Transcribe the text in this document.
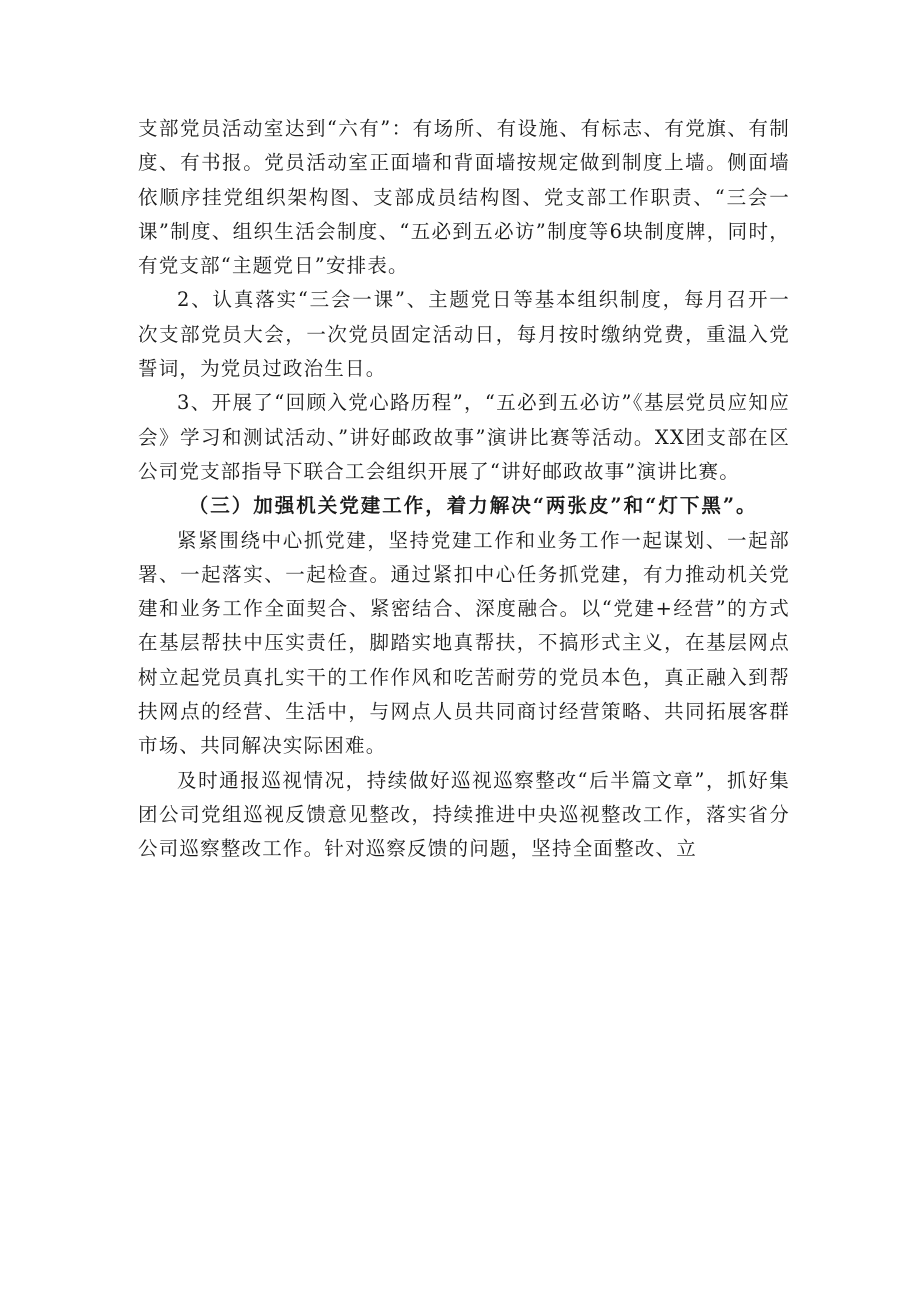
支部党员活动室达到“六有”：有场所、有设施、有标志、有党旗、有制度、有书报。党员活动室正面墙和背面墙按规定做到制度上墙。侧面墙依顺序挂党组织架构图、支部成员结构图、党支部工作职责、“三会一课”制度、组织生活会制度、“五必到五必访”制度等6块制度牌，同时，有党支部“主题党日”安排表。

2、认真落实“三会一课”、主题党日等基本组织制度，每月召开一次支部党员大会，一次党员固定活动日，每月按时缴纳党费，重温入党誓词，为党员过政治生日。

3、开展了“回顾入党心路历程”，“五必到五必访”《基层党员应知应会》学习和测试活动、”讲好邮政故事”演讲比赛等活动。XX团支部在区公司党支部指导下联合工会组织开展了“讲好邮政故事”演讲比赛。

（三）加强机关党建工作，着力解决“两张皮”和“灯下黑”。

紧紧围绕中心抓党建，坚持党建工作和业务工作一起谋划、一起部署、一起落实、一起检查。通过紧扣中心任务抓党建，有力推动机关党建和业务工作全面契合、紧密结合、深度融合。以“党建+经营”的方式在基层帮扶中压实责任，脚踏实地真帮扶，不搞形式主义，在基层网点树立起党员真扎实干的工作作风和吃苦耐劳的党员本色，真正融入到帮扶网点的经营、生活中，与网点人员共同商讨经营策略、共同拓展客群市场、共同解决实际困难。

及时通报巡视情况，持续做好巡视巡察整改“后半篇文章”，抓好集团公司党组巡视反馈意见整改，持续推进中央巡视整改工作，落实省分公司巡察整改工作。针对巡察反馈的问题，坚持全面整改、立
